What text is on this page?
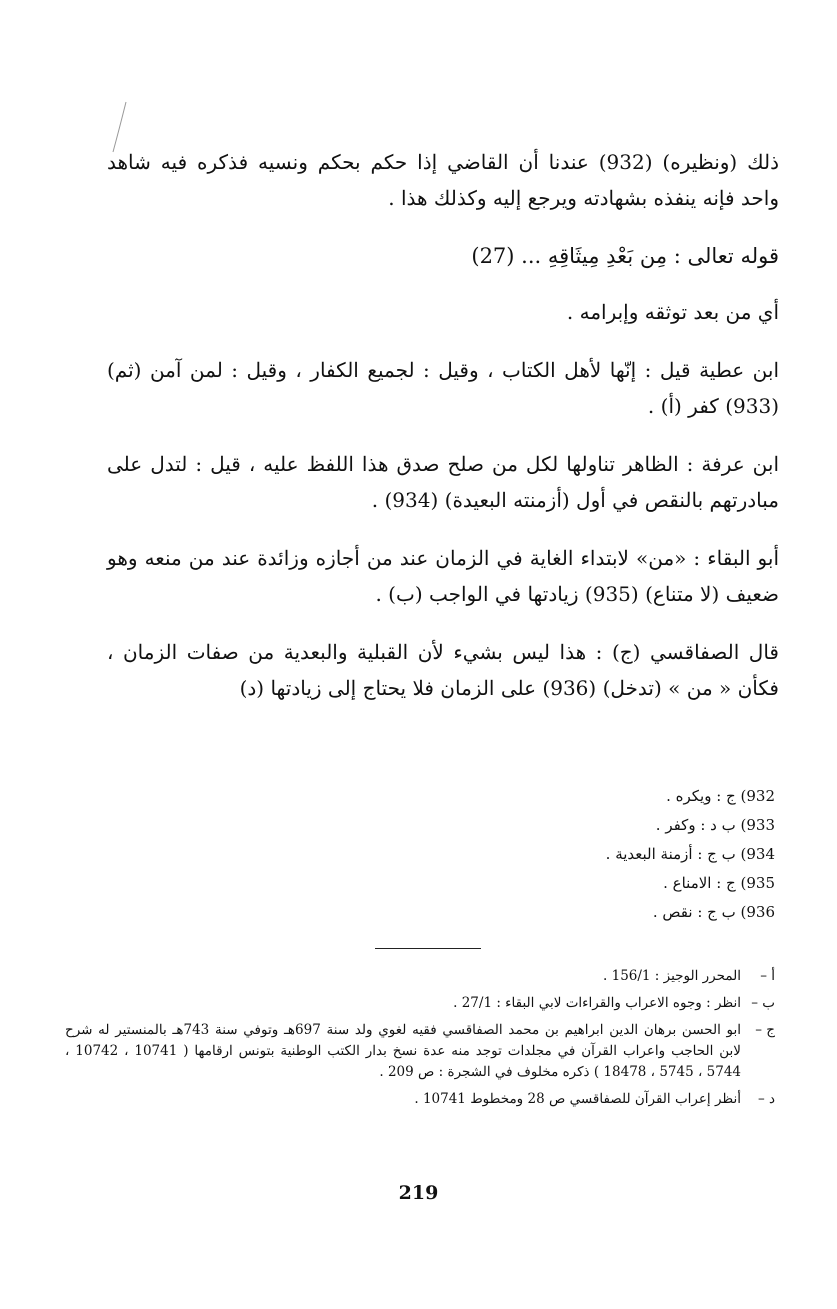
ذلك (ونظيره) (932) عندنا أن القاضي إذا حكم بحكم ونسيه فذكره فيه شاهد واحد فإنه ينفذه بشهادته ويرجع إليه وكذلك هذا .

قوله تعالى : مِن بَعْدِ مِيثَاقِهِ ... (27)

أي من بعد توثقه وإبرامه .

ابن عطية قيل : إنّها لأهل الكتاب ، وقيل : لجميع الكفار ، وقيل : لمن آمن (ثم) (933) كفر (أ) .

ابن عرفة : الظاهر تناولها لكل من صلح صدق هذا اللفظ عليه ، قيل : لتدل على مبادرتهم بالنقص في أول (أزمنته البعيدة) (934) .

أبو البقاء : «من» لابتداء الغاية في الزمان عند من أجازه وزائدة عند من منعه وهو ضعيف (لا متناع) (935) زيادتها في الواجب (ب) .

قال الصفاقسي (ج) : هذا ليس بشيء لأن القبلية والبعدية من صفات الزمان ، فكأن « من » (تدخل) (936) على الزمان فلا يحتاج إلى زيادتها (د)

932) ج : ويكره .
933) ب د : وكفر .
934) ب ج : أزمنة البعدية .
935) ج : الامناع .
936) ب ج : نقص .
أ –
المحرر الوجيز : 156/1 .
ب –
انظر : وجوه الاعراب والقراءات لابي البقاء : 27/1 .
ج –
ابو الحسن برهان الدين ابراهيم بن محمد الصفاقسي فقيه لغوي ولد سنة 697هـ وتوفي سنة 743هـ بالمنستير له شرح لابن الحاجب واعراب القرآن في مجلدات توجد منه عدة نسخ بدار الكتب الوطنية بتونس ارقامها ( 10741 ، 10742 ، 5744 ، 5745 ، 18478 ) ذكره مخلوف في الشجرة : ص 209 .
د –
أنظر إعراب القرآن للصفاقسي ص 28 ومخطوط 10741 .
219
